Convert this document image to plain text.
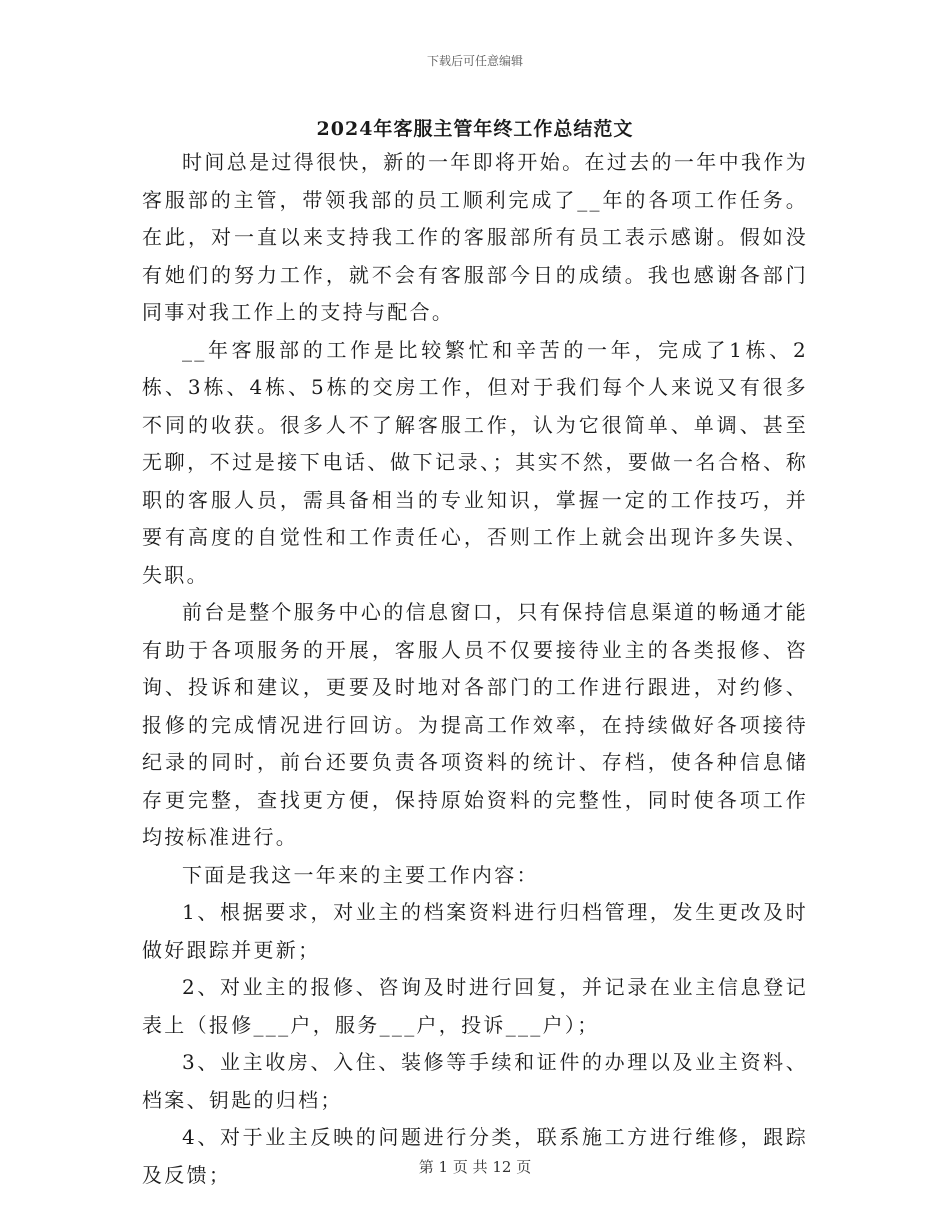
下载后可任意编辑
2024年客服主管年终工作总结范文

时间总是过得很快，新的一年即将开始。在过去的一年中我作为客服部的主管，带领我部的员工顺利完成了__年的各项工作任务。在此，对一直以来支持我工作的客服部所有员工表示感谢。假如没有她们的努力工作，就不会有客服部今日的成绩。我也感谢各部门同事对我工作上的支持与配合。

__年客服部的工作是比较繁忙和辛苦的一年，完成了1栋、2栋、3栋、4栋、5栋的交房工作，但对于我们每个人来说又有很多不同的收获。很多人不了解客服工作，认为它很简单、单调、甚至无聊，不过是接下电话、做下记录、；其实不然，要做一名合格、称职的客服人员，需具备相当的专业知识，掌握一定的工作技巧，并要有高度的自觉性和工作责任心，否则工作上就会出现许多失误、失职。

前台是整个服务中心的信息窗口，只有保持信息渠道的畅通才能有助于各项服务的开展，客服人员不仅要接待业主的各类报修、咨询、投诉和建议，更要及时地对各部门的工作进行跟进，对约修、报修的完成情况进行回访。为提高工作效率，在持续做好各项接待纪录的同时，前台还要负责各项资料的统计、存档，使各种信息储存更完整，查找更方便，保持原始资料的完整性，同时使各项工作均按标准进行。

下面是我这一年来的主要工作内容：

1、根据要求，对业主的档案资料进行归档管理，发生更改及时做好跟踪并更新；

2、对业主的报修、咨询及时进行回复，并记录在业主信息登记表上（报修___户，服务___户，投诉___户）；

3、业主收房、入住、装修等手续和证件的办理以及业主资料、档案、钥匙的归档；

4、对于业主反映的问题进行分类，联系施工方进行维修，跟踪及反馈；	第 1 页 共 12 页
